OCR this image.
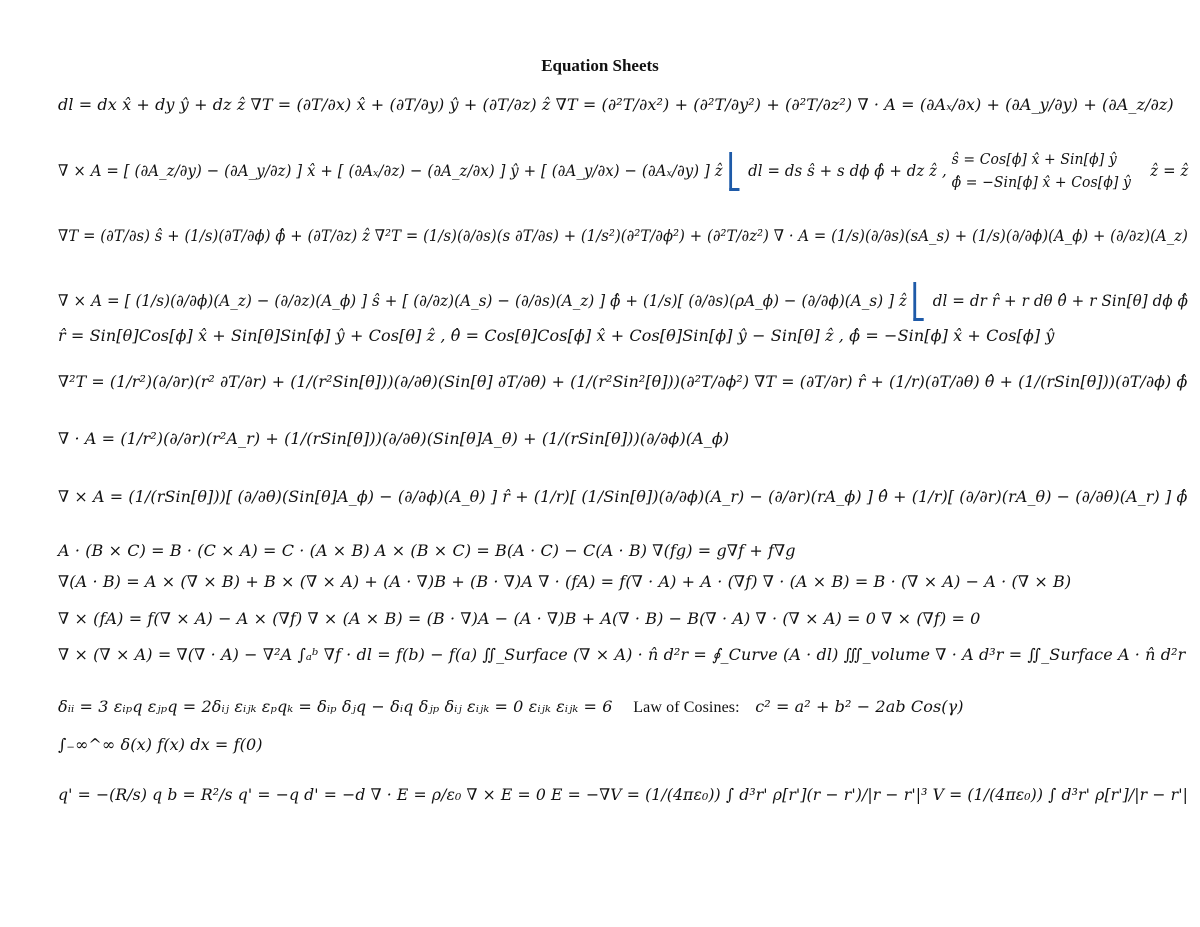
Equation Sheets
dl = dx x̂ + dy ŷ + dz ẑ ∇T = (∂T/∂x) x̂ + (∂T/∂y) ŷ + (∂T/∂z) ẑ ∇T = (∂²T/∂x²) + (∂²T/∂y²) + (∂²T/∂z²) ∇ · A = (∂Aₓ/∂x) + (∂A_y/∂y) + (∂A_z/∂z)
∇ × A = [ (∂A_z/∂y) − (∂A_y/∂z) ] x̂ + [ (∂Aₓ/∂z) − (∂A_z/∂x) ] ŷ + [ (∂A_y/∂x) − (∂Aₓ/∂y) ] ẑ dl = ds ŝ + s dϕ ϕ̂ + dz ẑ ,
ŝ = Cos[ϕ] x̂ + Sin[ϕ] ŷ
ϕ̂ = −Sin[ϕ] x̂ + Cos[ϕ] ŷ
ẑ = ẑ
∇T = (∂T/∂s) ŝ + (1/s)(∂T/∂ϕ) ϕ̂ + (∂T/∂z) ẑ ∇²T = (1/s)(∂/∂s)(s ∂T/∂s) + (1/s²)(∂²T/∂ϕ²) + (∂²T/∂z²) ∇ · A = (1/s)(∂/∂s)(sA_s) + (1/s)(∂/∂ϕ)(A_ϕ) + (∂/∂z)(A_z)
∇ × A = [ (1/s)(∂/∂ϕ)(A_z) − (∂/∂z)(A_ϕ) ] ŝ + [ (∂/∂z)(A_s) − (∂/∂s)(A_z) ] ϕ̂ + (1/s)[ (∂/∂s)(ρA_ϕ) − (∂/∂ϕ)(A_s) ] ẑ dl = dr r̂ + r dθ θ̂ + r Sin[θ] dϕ ϕ̂
r̂ = Sin[θ]Cos[ϕ] x̂ + Sin[θ]Sin[ϕ] ŷ + Cos[θ] ẑ , θ̂ = Cos[θ]Cos[ϕ] x̂ + Cos[θ]Sin[ϕ] ŷ − Sin[θ] ẑ , ϕ̂ = −Sin[ϕ] x̂ + Cos[ϕ] ŷ
∇²T = (1/r²)(∂/∂r)(r² ∂T/∂r) + (1/(r²Sin[θ]))(∂/∂θ)(Sin[θ] ∂T/∂θ) + (1/(r²Sin²[θ]))(∂²T/∂ϕ²) ∇T = (∂T/∂r) r̂ + (1/r)(∂T/∂θ) θ̂ + (1/(rSin[θ]))(∂T/∂ϕ) ϕ̂
∇ · A = (1/r²)(∂/∂r)(r²A_r) + (1/(rSin[θ]))(∂/∂θ)(Sin[θ]A_θ) + (1/(rSin[θ]))(∂/∂ϕ)(A_ϕ)
∇ × A = (1/(rSin[θ]))[ (∂/∂θ)(Sin[θ]A_ϕ) − (∂/∂ϕ)(A_θ) ] r̂ + (1/r)[ (1/Sin[θ])(∂/∂ϕ)(A_r) − (∂/∂r)(rA_ϕ) ] θ̂ + (1/r)[ (∂/∂r)(rA_θ) − (∂/∂θ)(A_r) ] ϕ̂
A · (B × C) = B · (C × A) = C · (A × B) A × (B × C) = B(A · C) − C(A · B) ∇(fg) = g∇f + f∇g
∇(A · B) = A × (∇ × B) + B × (∇ × A) + (A · ∇)B + (B · ∇)A ∇ · (fA) = f(∇ · A) + A · (∇f) ∇ · (A × B) = B · (∇ × A) − A · (∇ × B)
∇ × (fA) = f(∇ × A) − A × (∇f) ∇ × (A × B) = (B · ∇)A − (A · ∇)B + A(∇ · B) − B(∇ · A) ∇ · (∇ × A) = 0 ∇ × (∇f) = 0
∇ × (∇ × A) = ∇(∇ · A) − ∇²A ∫ₐᵇ ∇f · dl = f(b) − f(a) ∬_Surface (∇ × A) · n̂ d²r = ∮_Curve (A · dl) ∭_volume ∇ · A d³r = ∬_Surface A · n̂ d²r
δᵢᵢ = 3 εᵢₚq εⱼₚq = 2δᵢⱼ εᵢⱼₖ εₚqₖ = δᵢₚ δⱼq − δᵢq δⱼₚ δᵢⱼ εᵢⱼₖ = 0 εᵢⱼₖ εᵢⱼₖ = 6 Law of Cosines: c² = a² + b² − 2ab Cos(γ)
∫₋∞^∞ δ(x) f(x) dx = f(0)
q' = −(R/s) q b = R²/s q' = −q d' = −d ∇ · E = ρ/ε₀ ∇ × E = 0 E = −∇V = (1/(4πε₀)) ∫ d³r' ρ[r'](r − r')/|r − r'|³ V = (1/(4πε₀)) ∫ d³r' ρ[r']/|r − r'|
